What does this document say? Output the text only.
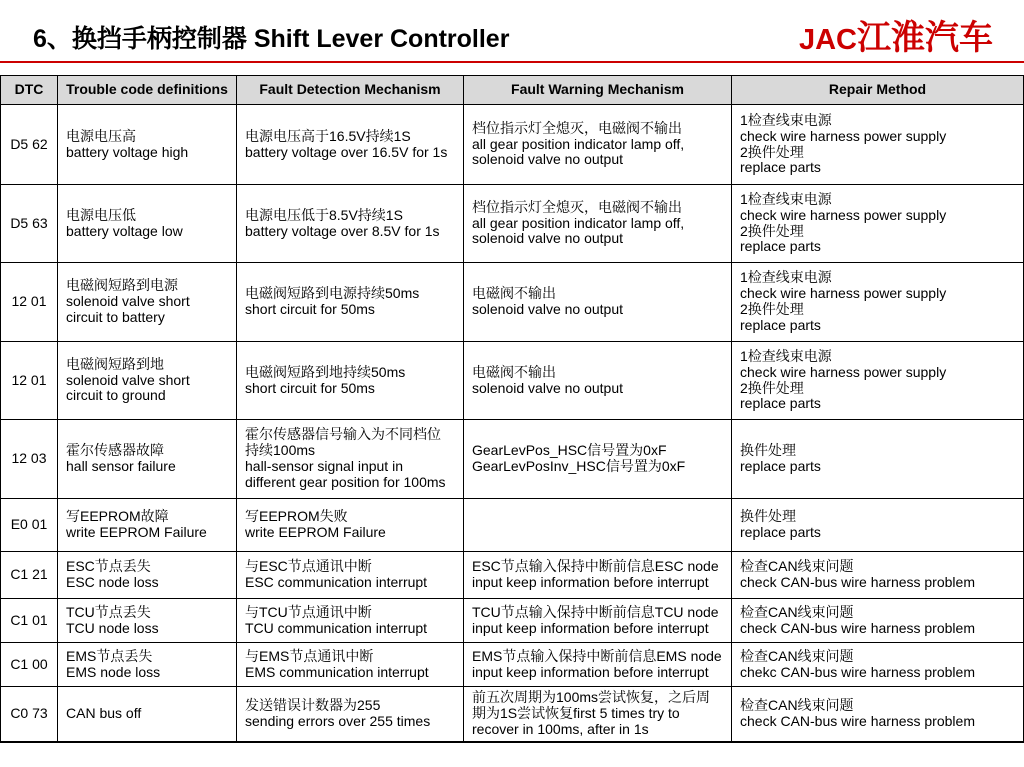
6、换挡手柄控制器 Shift Lever Controller	JAC 江淮汽车
DTC	Trouble code definitions	Fault Detection Mechanism	Fault Warning Mechanism	Repair Method
D5 62	电源电压高
battery voltage high	电源电压高于16.5V持续1S
battery voltage over 16.5V for 1s	档位指示灯全熄灭，电磁阀不输出
all gear position indicator lamp off,
solenoid valve no output	1检查线束电源
check wire harness power supply
2换件处理
replace parts

D5 63	电源电压低
battery voltage low	电源电压低于8.5V持续1S
battery voltage over 8.5V for 1s	档位指示灯全熄灭，电磁阀不输出
all gear position indicator lamp off,
solenoid valve no output	1检查线束电源
check wire harness power supply
2换件处理
replace parts

12 01	电磁阀短路到电源
solenoid valve short
circuit to battery	电磁阀短路到电源持续50ms
short circuit for 50ms	电磁阀不输出
solenoid valve no output	1检查线束电源
check wire harness power supply
2换件处理
replace parts

12 01	电磁阀短路到地
solenoid valve short
circuit to ground	电磁阀短路到地持续50ms
short circuit for 50ms	电磁阀不输出
solenoid valve no output	1检查线束电源
check wire harness power supply
2换件处理
replace parts

12 03	霍尔传感器故障
hall sensor failure	霍尔传感器信号输入为不同档位
持续100ms
hall-sensor signal input in
different gear position for 100ms	GearLevPos_HSC信号置为0xF
GearLevPosInv_HSC信号置为0xF	换件处理
replace parts

E0 01	写EEPROM故障
write EEPROM Failure	写EEPROM失败
write EEPROM Failure		换件处理
replace parts

C1 21	ESC节点丢失
ESC node loss	与ESC节点通讯中断
ESC communication interrupt	ESC节点输入保持中断前信息ESC node
input keep information before interrupt	检查CAN线束问题
check CAN-bus wire harness problem

C1 01	TCU节点丢失
TCU node loss	与TCU节点通讯中断
TCU communication interrupt	TCU节点输入保持中断前信息TCU node
input keep information before interrupt	检查CAN线束问题
check CAN-bus wire harness problem

C1 00	EMS节点丢失
EMS node loss	与EMS节点通讯中断
EMS communication interrupt	EMS节点输入保持中断前信息EMS node
input keep information before interrupt	检查CAN线束问题
chekc CAN-bus wire harness problem

C0 73	CAN bus off	发送错误计数器为255
sending errors over 255 times	前五次周期为100ms尝试恢复，之后周
期为1S尝试恢复first 5 times try to
recover in 100ms, after in 1s	检查CAN线束问题
check CAN-bus wire harness problem
